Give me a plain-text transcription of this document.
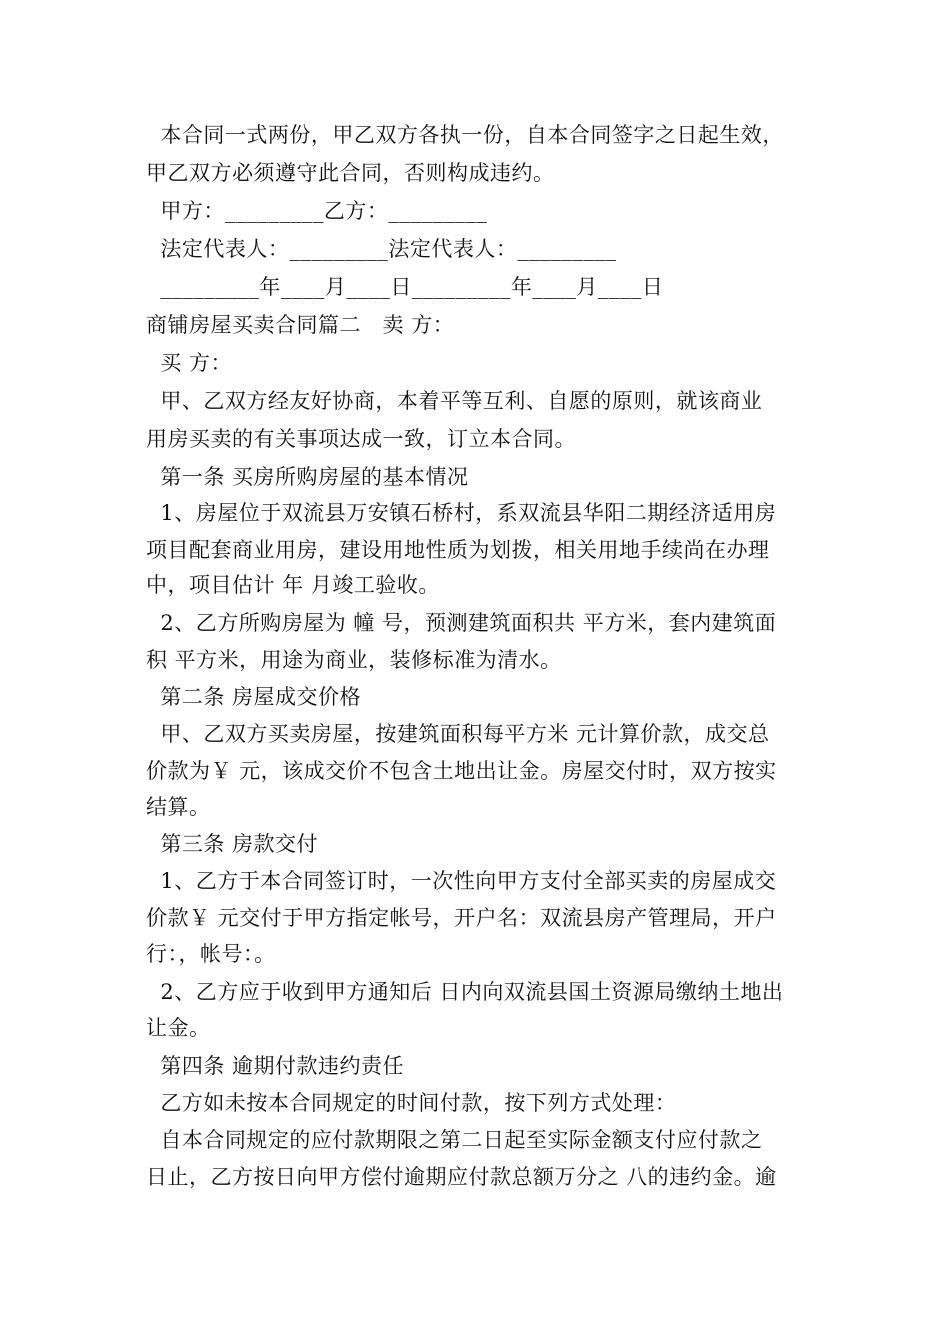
本合同一式两份，甲乙双方各执一份，自本合同签字之日起生效，
甲乙双方必须遵守此合同，否则构成违约。
甲方：_________乙方：_________
法定代表人：_________法定代表人：_________
_________年____月____日_________年____月____日
商铺房屋买卖合同篇二   卖 方：
买 方：
甲、乙双方经友好协商，本着平等互利、自愿的原则，就该商业
用房买卖的有关事项达成一致，订立本合同。
第一条 买房所购房屋的基本情况
1、房屋位于双流县万安镇石桥村，系双流县华阳二期经济适用房
项目配套商业用房，建设用地性质为划拨，相关用地手续尚在办理
中，项目估计 年 月竣工验收。
2、乙方所购房屋为 幢 号，预测建筑面积共 平方米，套内建筑面
积 平方米，用途为商业，装修标准为清水。
第二条 房屋成交价格
甲、乙双方买卖房屋，按建筑面积每平方米 元计算价款，成交总
价款为￥ 元，该成交价不包含土地出让金。房屋交付时，双方按实
结算。
第三条 房款交付
1、乙方于本合同签订时，一次性向甲方支付全部买卖的房屋成交
价款￥ 元交付于甲方指定帐号，开户名：双流县房产管理局，开户
行：，帐号：。
2、乙方应于收到甲方通知后 日内向双流县国土资源局缴纳土地出
让金。
第四条 逾期付款违约责任
乙方如未按本合同规定的时间付款，按下列方式处理：
自本合同规定的应付款期限之第二日起至实际金额支付应付款之
日止，乙方按日向甲方偿付逾期应付款总额万分之 八的违约金。逾
